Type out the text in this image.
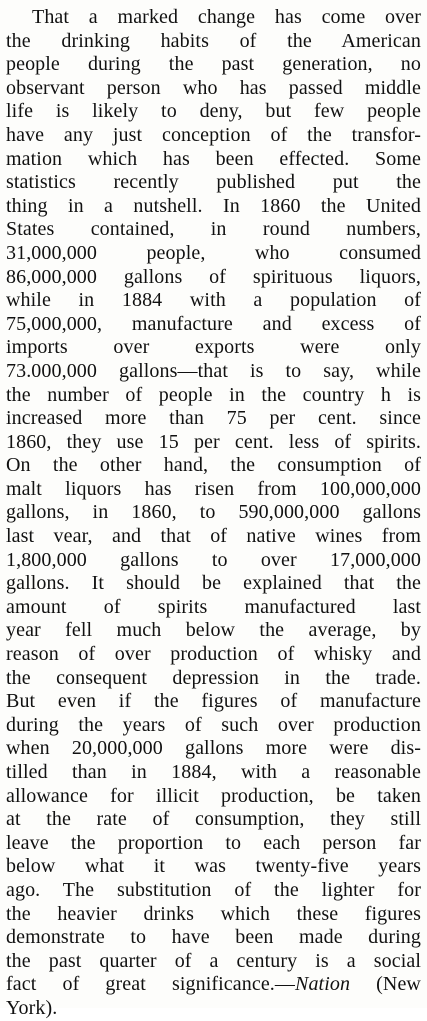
That a marked change has come over
the drinking habits of the American
people during the past generation, no
observant person who has passed middle
life is likely to deny, but few people
have any just conception of the transfor-
mation which has been effected. Some
statistics recently published put the
thing in a nutshell. In 1860 the United
States contained, in round numbers,
31,000,000 people, who consumed
86,000,000 gallons of spirituous liquors,
while in 1884 with a population of
75,000,000, manufacture and excess of
imports over exports were only
73.000,000 gallons—that is to say, while
the number of people in the country h is
increased more than 75 per cent. since
1860, they use 15 per cent. less of spirits.
On the other hand, the consumption of
malt liquors has risen from 100,000,000
gallons, in 1860, to 590,000,000 gallons
last vear, and that of native wines from
1,800,000 gallons to over 17,000,000
gallons. It should be explained that the
amount of spirits manufactured last
year fell much below the average, by
reason of over production of whisky and
the consequent depression in the trade.
But even if the figures of manufacture
during the years of such over production
when 20,000,000 gallons more were dis-
tilled than in 1884, with a reasonable
allowance for illicit production, be taken
at the rate of consumption, they still
leave the proportion to each person far
below what it was twenty-five years
ago. The substitution of the lighter for
the heavier drinks which these figures
demonstrate to have been made during
the past quarter of a century is a social
fact of great significance.—Nation (New
York).
